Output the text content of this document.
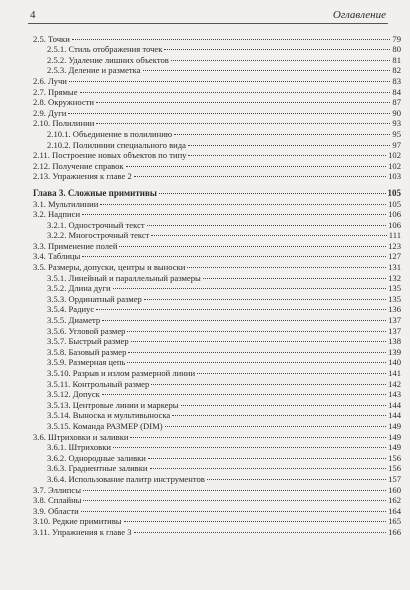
4	Оглавление
2.5. Точки	79
2.5.1. Стиль отображения точек	80
2.5.2. Удаление лишних объектов	81
2.5.3. Деление и разметка	82
2.6. Лучи	83
2.7. Прямые	84
2.8. Окружности	87
2.9. Дуги	90
2.10. Полилинии	93
2.10.1. Объединение в полилинию	95
2.10.2. Полилинии специального вида	97
2.11. Построение новых объектов по типу	102
2.12. Получение справок	102
2.13. Упражнения к главе 2	103
Глава 3. Сложные примитивы	105
3.1. Мультилинии	105
3.2. Надписи	106
3.2.1. Однострочный текст	106
3.2.2. Многострочный текст	111
3.3. Применение полей	123
3.4. Таблицы	127
3.5. Размеры, допуски, центры и выноски	131
3.5.1. Линейный и параллельный размеры	132
3.5.2. Длина дуги	135
3.5.3. Ординатный размер	135
3.5.4. Радиус	136
3.5.5. Диаметр	137
3.5.6. Угловой размер	137
3.5.7. Быстрый размер	138
3.5.8. Базовый размер	139
3.5.9. Размерная цепь	140
3.5.10. Разрыв и излом размерной линии	141
3.5.11. Контрольный размер	142
3.5.12. Допуск	143
3.5.13. Центровые линии и маркеры	144
3.5.14. Выноска и мультивыноска	144
3.5.15. Команда РАЗМЕР (DIM)	149
3.6. Штриховки и заливки	149
3.6.1. Штриховки	149
3.6.2. Однородные заливки	156
3.6.3. Градиентные заливки	156
3.6.4. Использование палитр инструментов	157
3.7. Эллипсы	160
3.8. Сплайны	162
3.9. Области	164
3.10. Редкие примитивы	165
3.11. Упражнения к главе 3	166
